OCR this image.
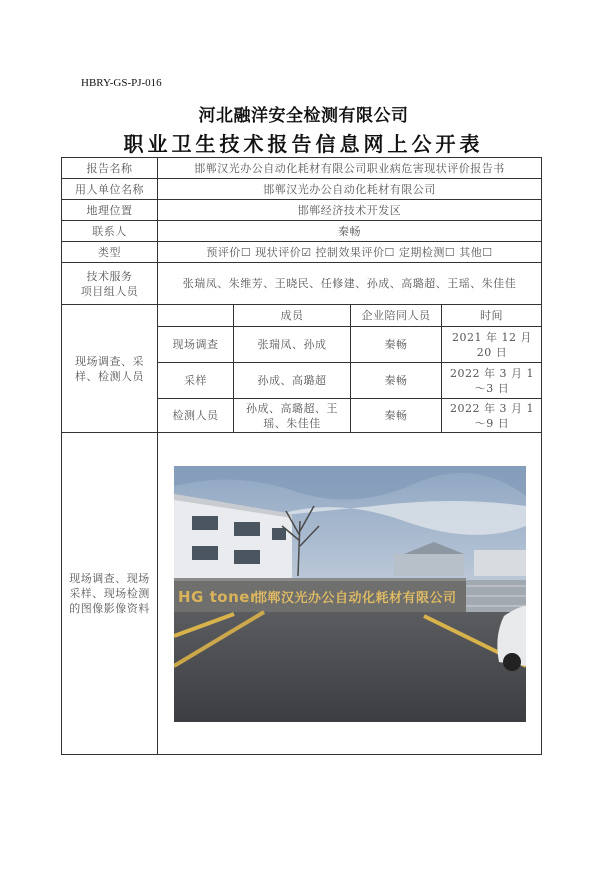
HBRY-GS-PJ-016
河北融洋安全检测有限公司
职业卫生技术报告信息网上公开表
报告名称	邯郸汉光办公自动化耗材有限公司职业病危害现状评价报告书			
用人单位名称	邯郸汉光办公自动化耗材有限公司			
地理位置	邯郸经济技术开发区			
联系人	秦畅			
类型	预评价☐ 现状评价☑ 控制效果评价☐ 定期检测☐ 其他☐			

技术服务
项目组人员	张瑞凤、朱维芳、王晓民、任修建、孙成、高璐超、王瑶、朱佳佳			
现场调查、采样、检测人员		成员	企业陪同人员	时间
	现场调查	张瑞凤、孙成	秦畅	2021 年 12 月 20 日
	采样	孙成、高璐超	秦畅	2022 年 3 月 1～3 日
	检测人员	孙成、高璐超、王瑶、朱佳佳	秦畅	2022 年 3 月 1～9 日
现场调查、现场采样、现场检测的图像影像资料	HG toner
邯郸汉光办公自动化耗材有限公司			
